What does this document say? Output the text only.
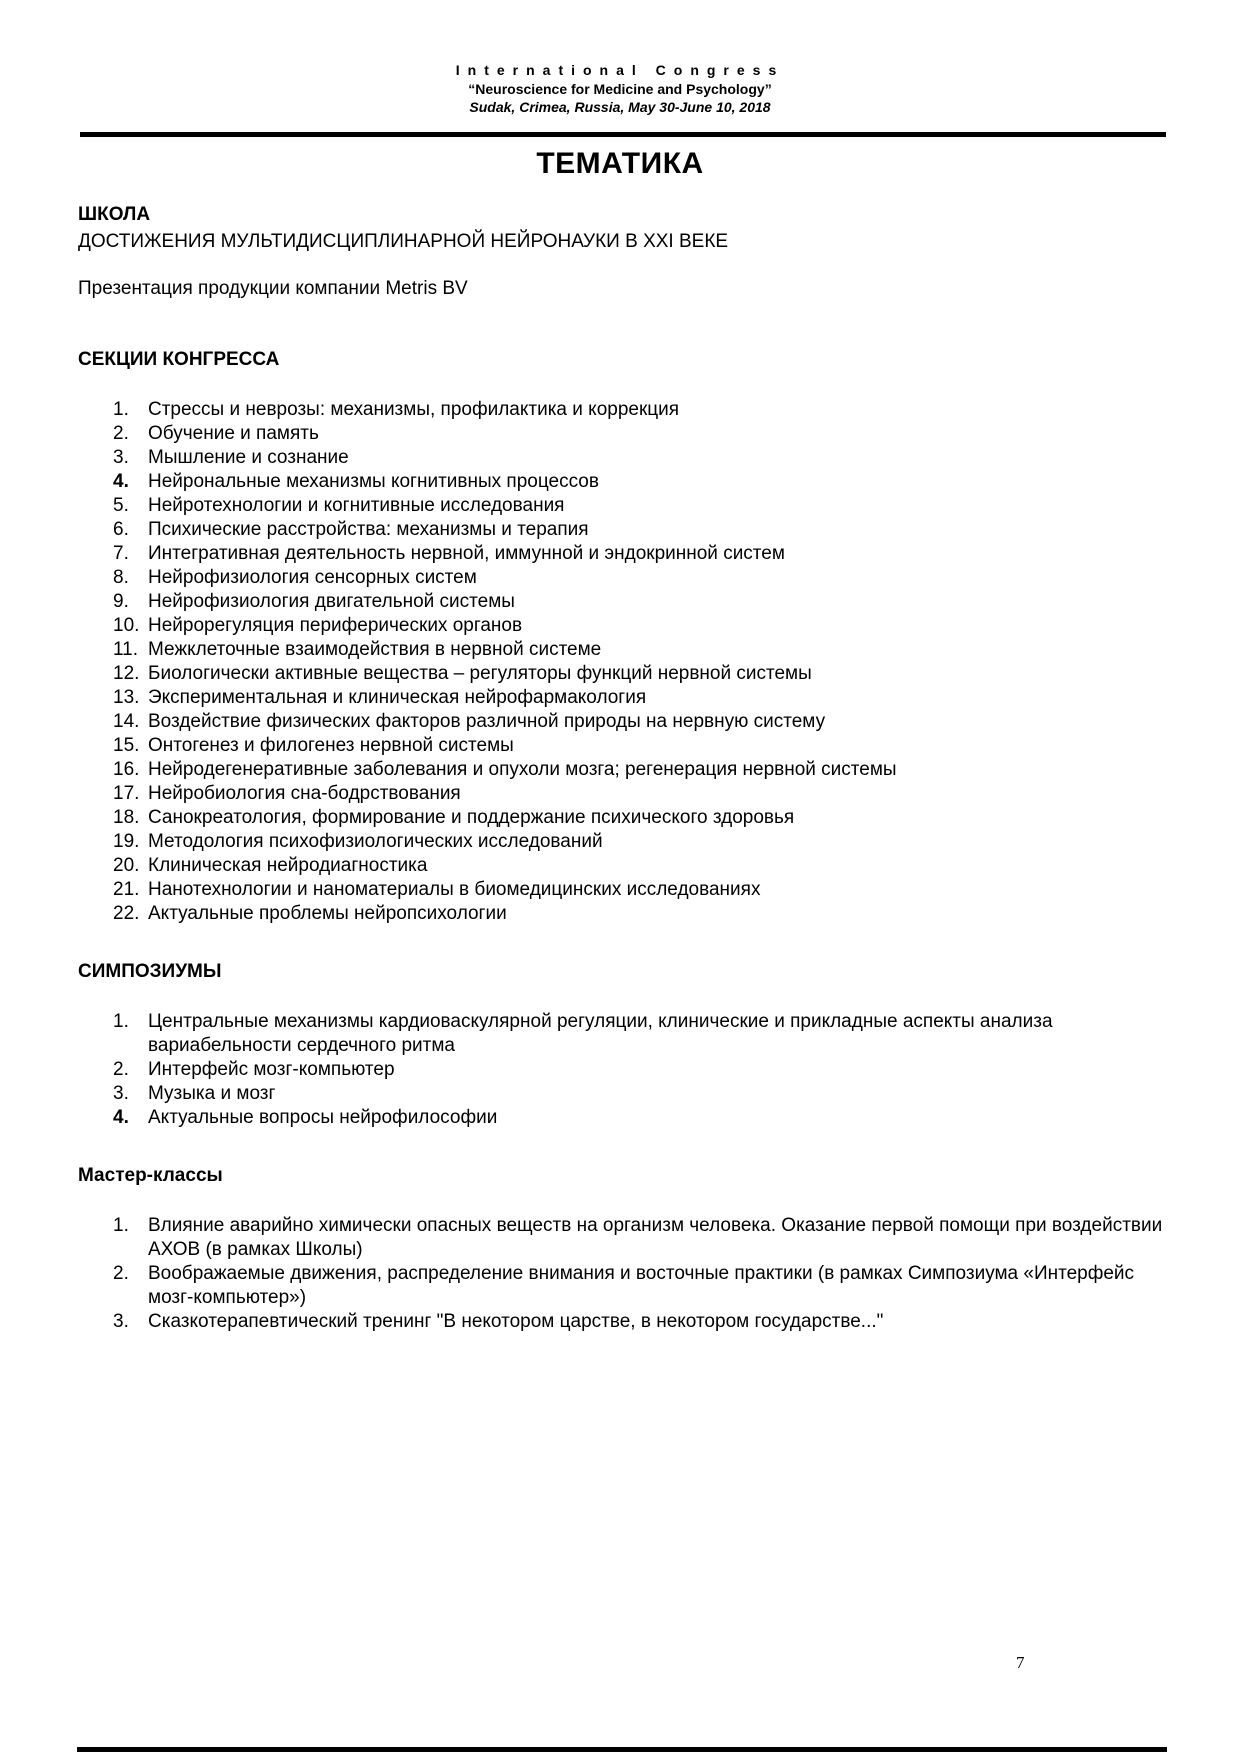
International Congress
“Neuroscience for Medicine and Psychology”
Sudak, Crimea, Russia, May 30-June 10, 2018
ТЕМАТИКА
ШКОЛА
ДОСТИЖЕНИЯ МУЛЬТИДИСЦИПЛИНАРНОЙ НЕЙРОНАУКИ В XXI ВЕКЕ
Презентация продукции компании Metris BV
СЕКЦИИ КОНГРЕССА
1.	Стрессы и неврозы: механизмы, профилактика и коррекция
2.	Обучение и память
3.	Мышление и сознание
4.	Нейрональные механизмы когнитивных процессов
5.	Нейротехнологии и когнитивные исследования
6.	Психические расстройства: механизмы и терапия
7.	Интегративная деятельность нервной, иммунной и эндокринной систем
8.	Нейрофизиология сенсорных систем
9.	Нейрофизиология двигательной системы
10. Нейрорегуляция периферических органов
11. Межклеточные взаимодействия в нервной системе
12. Биологически активные вещества – регуляторы функций нервной системы
13. Экспериментальная и клиническая нейрофармакология
14. Воздействие физических факторов различной природы на нервную систему
15. Онтогенез и филогенез нервной системы
16. Нейродегенеративные заболевания и опухоли мозга; регенерация нервной системы
17. Нейробиология сна-бодрствования
18. Санокреатология, формирование и поддержание психического здоровья
19. Методология психофизиологических исследований
20. Клиническая нейродиагностика
21. Нанотехнологии и наноматериалы в биомедицинских исследованиях
22. Актуальные проблемы нейропсихологии
СИМПОЗИУМЫ
1.	Центральные механизмы кардиоваскулярной регуляции, клинические и прикладные аспекты анализа вариабельности сердечного ритма
2.	Интерфейс мозг-компьютер
3.	Музыка и мозг
4.	Актуальные вопросы нейрофилософии
Мастер-классы
1.	Влияние аварийно химически опасных веществ на организм человека. Оказание первой помощи при воздействии АХОВ (в рамках Школы)
2.	Воображаемые движения, распределение внимания и восточные практики (в рамках Симпозиума «Интерфейс мозг-компьютер»)
3.	Сказкотерапевтический тренинг "В некотором царстве, в некотором государстве..."
7
